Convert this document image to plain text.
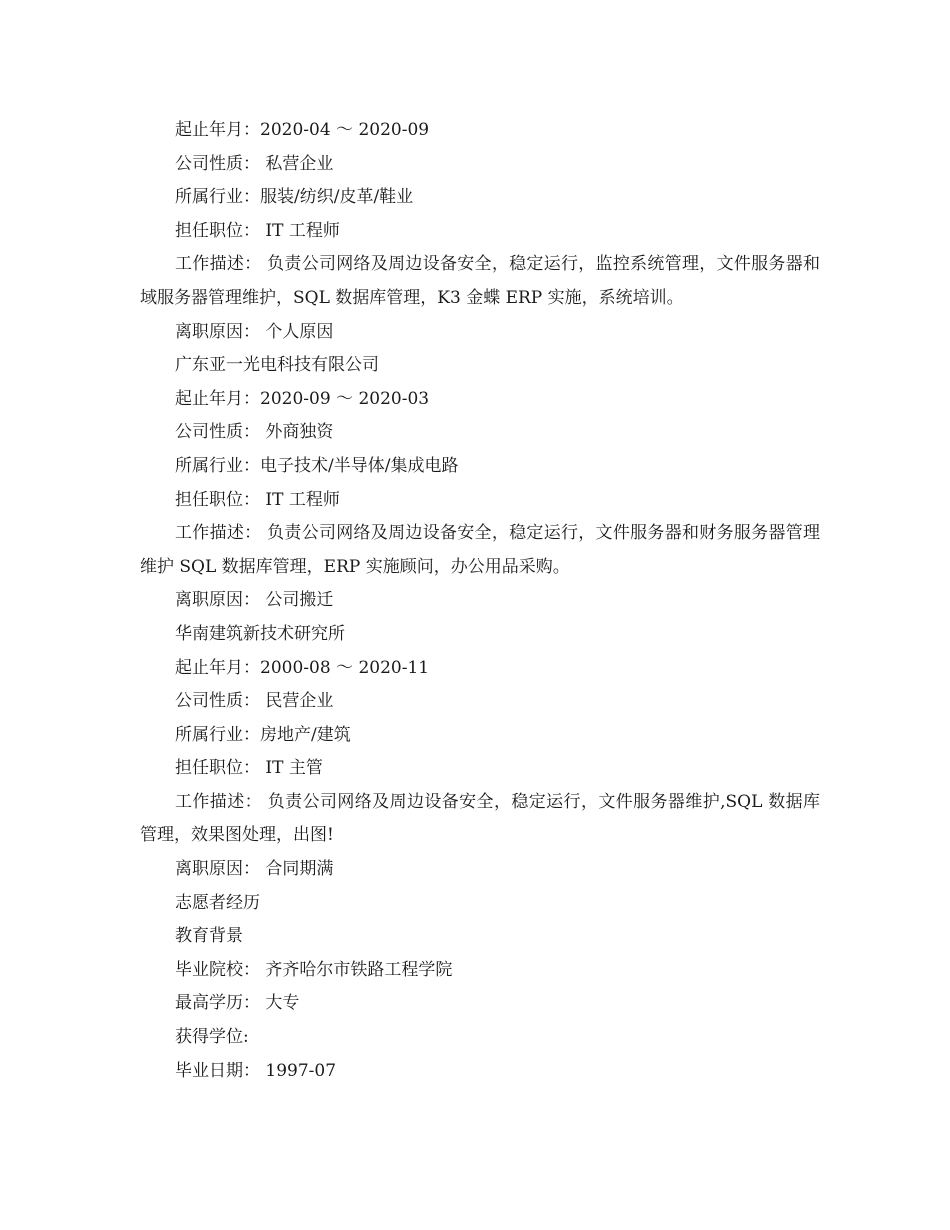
起止年月：2020-04 ～ 2020-09
公司性质： 私营企业
所属行业：服装/纺织/皮革/鞋业
担任职位： IT 工程师
工作描述： 负责公司网络及周边设备安全，稳定运行，监控系统管理，文件服务器和域服务器管理维护，SQL 数据库管理，K3 金蝶 ERP 实施，系统培训。
离职原因： 个人原因
广东亚一光电科技有限公司
起止年月：2020-09 ～ 2020-03
公司性质： 外商独资
所属行业：电子技术/半导体/集成电路
担任职位： IT 工程师
工作描述： 负责公司网络及周边设备安全，稳定运行，文件服务器和财务服务器管理维护 SQL 数据库管理，ERP 实施顾问，办公用品采购。
离职原因： 公司搬迁
华南建筑新技术研究所
起止年月：2000-08 ～ 2020-11
公司性质： 民营企业
所属行业：房地产/建筑
担任职位： IT 主管
工作描述： 负责公司网络及周边设备安全，稳定运行，文件服务器维护,SQL 数据库管理，效果图处理，出图!
离职原因： 合同期满
志愿者经历
教育背景
毕业院校： 齐齐哈尔市铁路工程学院
最高学历： 大专
获得学位:
毕业日期： 1997-07
